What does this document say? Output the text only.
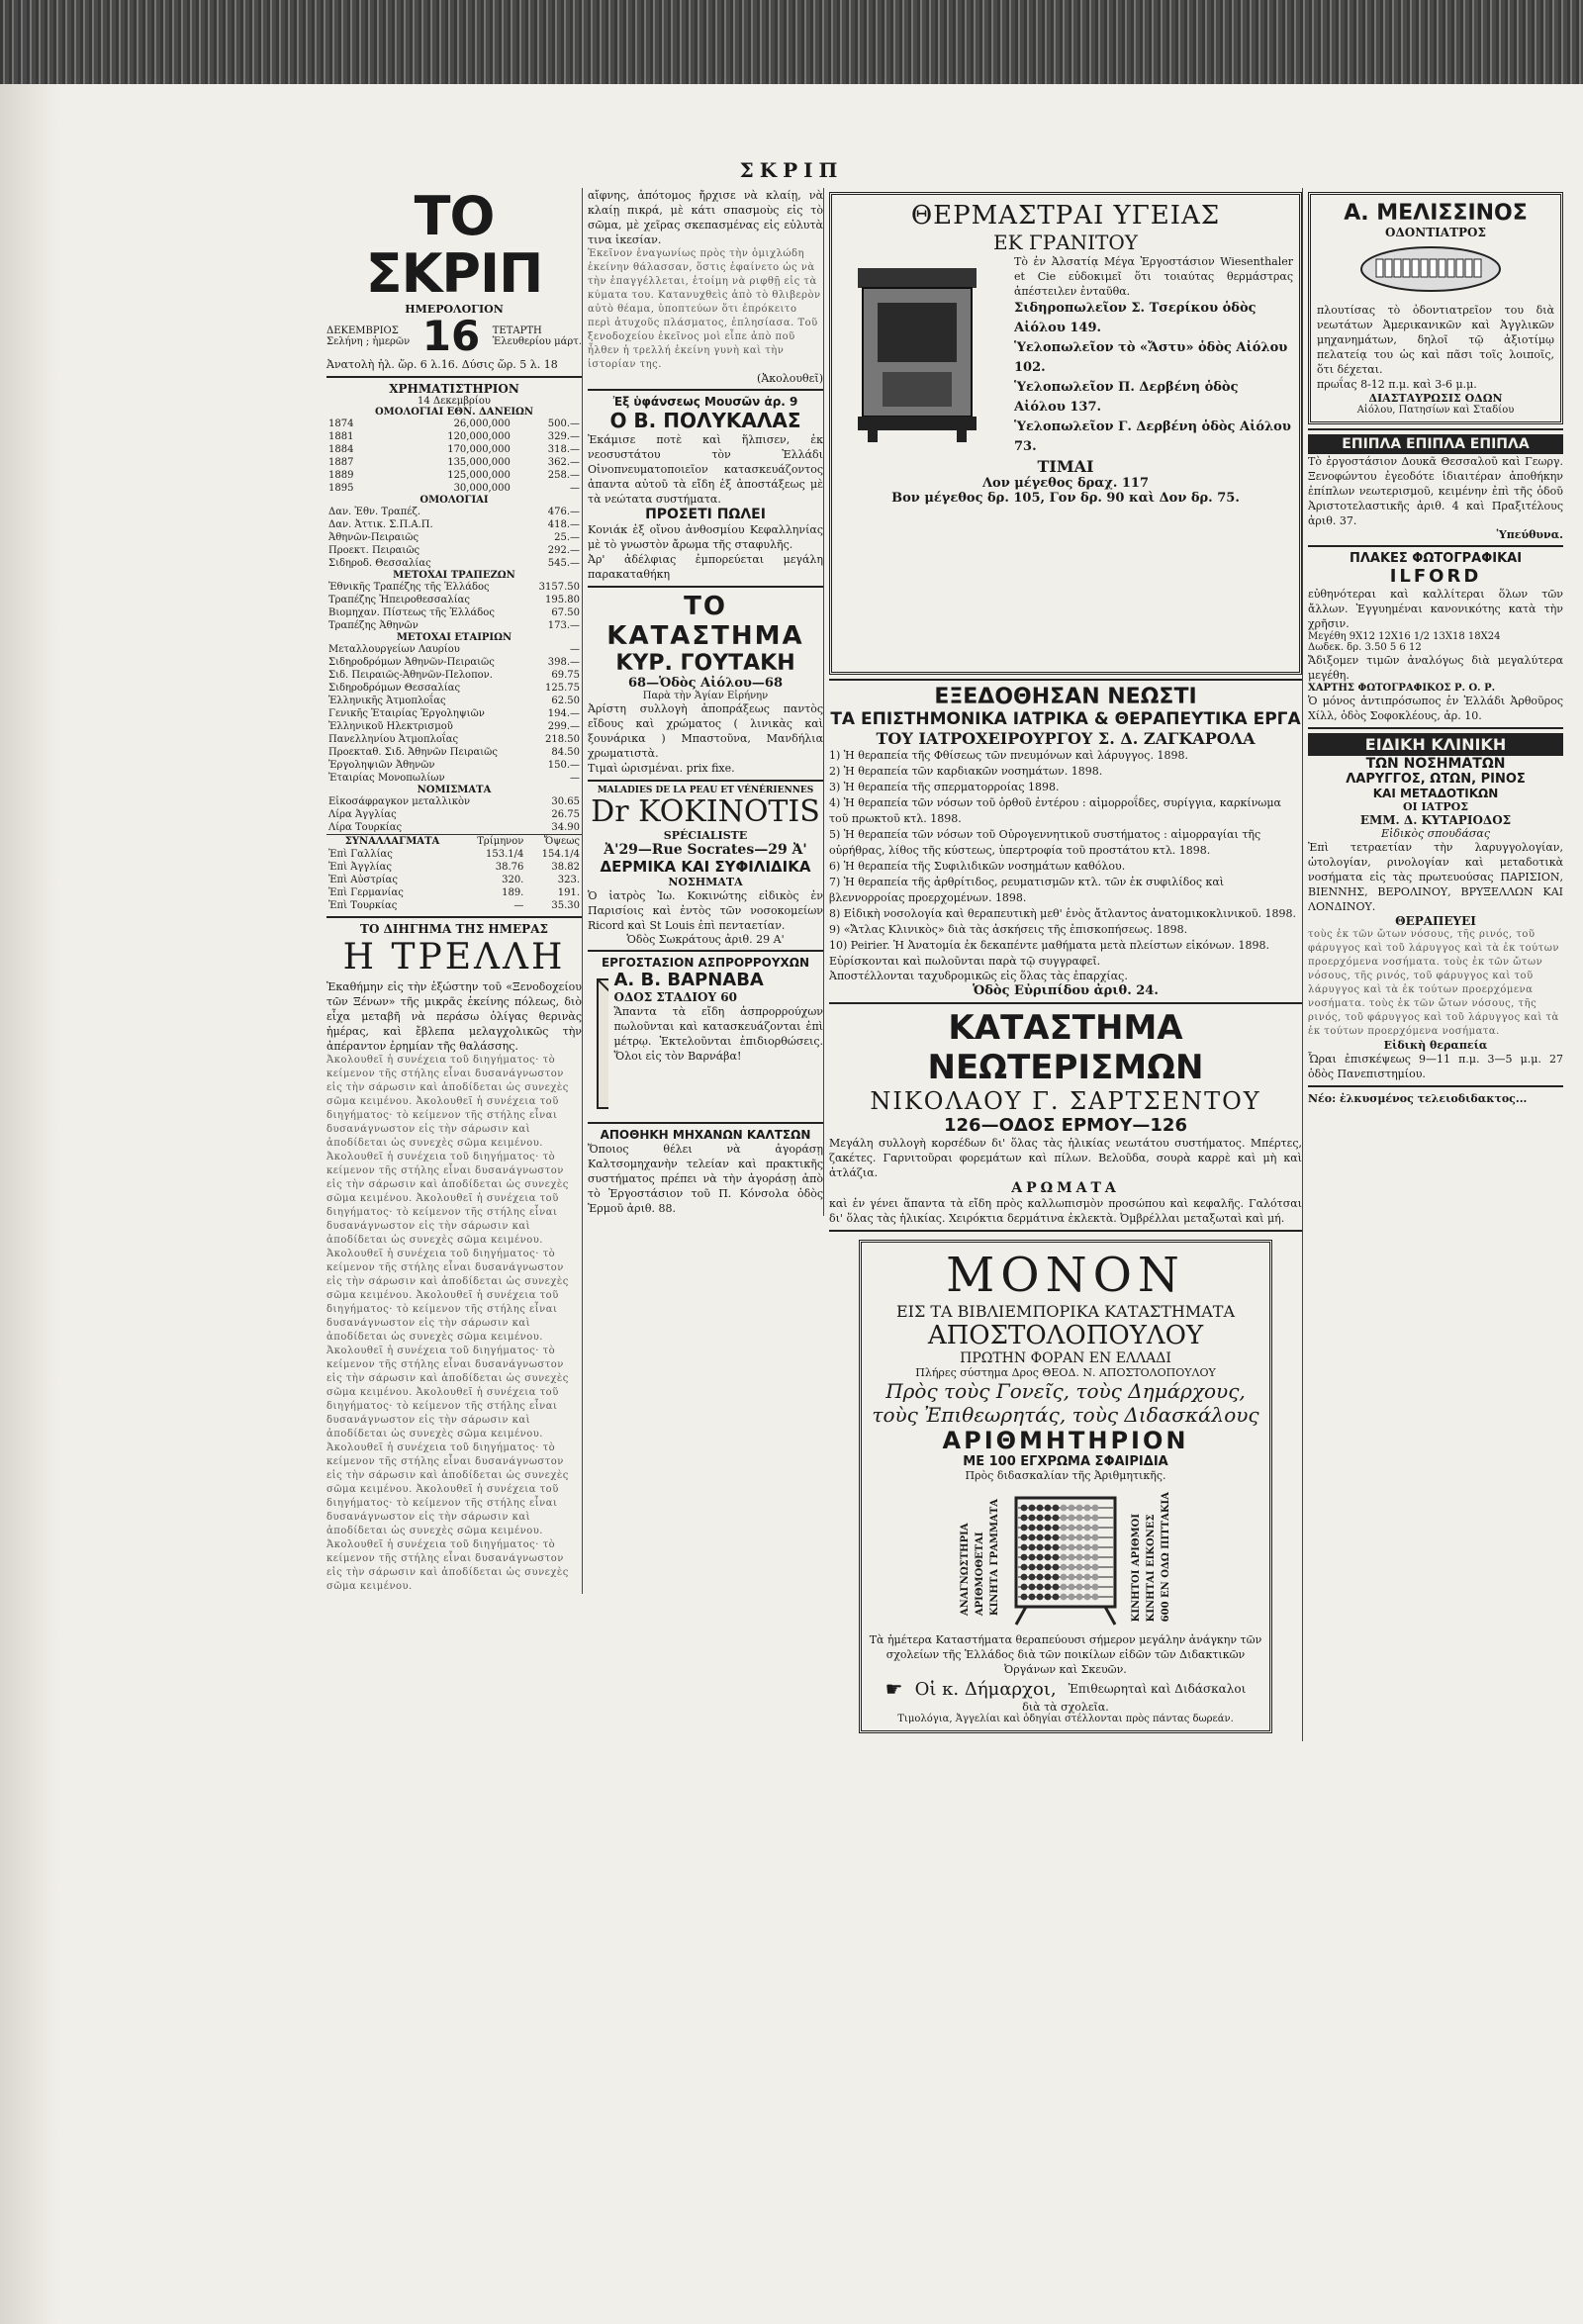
ΣΚΡΙΠ
ΤΟ ΣΚΡΙΠ
ΗΜΕΡΟΛΟΓΙΟΝ
ΔΕΚΕΜΒΡΙΟΣ
Σελήνη ; ἡμερῶν 16 ΤΕΤΑΡΤΗ
Ἐλευθερίου μάρτ.
Ἀνατολὴ ἡλ. ὥρ. 6 λ.16. Δύσις ὥρ. 5 λ. 18
ΧΡΗΜΑΤΙΣΤΗΡΙΟΝ
14 Δεκεμβρίου
ΟΜΟΛΟΓΙΑΙ ΕΘΝ. ΔΑΝΕΙΩΝ
1874	26,000,000	500.—
1881	120,000,000	329.—
1884	170,000,000	318.—
1887	135,000,000	362.—
1889	125,000,000	258.—
1895	30,000,000	—
ΟΜΟΛΟΓΙΑΙ
Δαν. Ἐθν. Τραπέζ.	476.—
Δαν. Ἀττικ. Σ.Π.Α.Π.	418.—
Ἀθηνῶν-Πειραιῶς	25.—
Προεκτ. Πειραιῶς	292.—
Σιδηροδ. Θεσσαλίας	545.—
ΜΕΤΟΧΑΙ ΤΡΑΠΕΖΩΝ
Ἐθνικῆς Τραπέζης τῆς Ἑλλάδος	3157.50
Τραπέζης Ἠπειροθεσσαλίας	195.80
Βιομηχαν. Πίστεως τῆς Ἑλλάδος	67.50
Τραπέζης Ἀθηνῶν	173.—
ΜΕΤΟΧΑΙ ΕΤΑΙΡΙΩΝ
Μεταλλουργείων Λαυρίου	—
Σιδηροδρόμων Ἀθηνῶν-Πειραιῶς	398.—
Σιδ. Πειραιῶς-Ἀθηνῶν-Πελοπον.	69.75
Σιδηροδρόμων Θεσσαλίας	125.75
Ἑλληνικῆς Ἀτμοπλοΐας	62.50
Γενικῆς Ἑταιρίας Ἐργοληψιῶν	194.—
Ἑλληνικοῦ Ηλεκτρισμοῦ	299.—
Πανελληνίου Ἀτμοπλοΐας	218.50
Προεκταθ. Σιδ. Ἀθηνῶν Πειραιῶς	84.50
Ἐργοληψιῶν Ἀθηνῶν	150.—
Ἑταιρίας Μονοπωλίων	—
ΝΟΜΙΣΜΑΤΑ
Εἰκοσάφραγκον μεταλλικὸν	30.65
Λίρα Ἀγγλίας	26.75
Λίρα Τουρκίας	34.90
ΣΥΝΑΛΛΑΓΜΑΤΑ	Τρίμηνον	Ὄψεως
Ἐπὶ Γαλλίας	153.1/4	154.1/4
Ἐπὶ Ἀγγλίας	38.76	38.82
Ἐπὶ Αὐστρίας	320.	323.
Ἐπὶ Γερμανίας	189.	191.
Ἐπὶ Τουρκίας	—	35.30
ΤΟ ΔΙΗΓΗΜΑ ΤΗΣ ΗΜΕΡΑΣ
Η ΤΡΕΛΛΗ
Ἐκαθήμην εἰς τὴν ἐξώστην τοῦ «Ξενοδοχείου τῶν Ξένων» τῆς μικρᾶς ἐκείνης πόλεως, διὸ εἶχα μεταβῆ νὰ περάσω ὀλίγας θερινὰς ἡμέρας, καὶ ἔβλεπα μελαγχολικῶς τὴν ἀπέραντον ἐρημίαν τῆς θαλάσσης.
Ἀκολουθεῖ ἡ συνέχεια τοῦ διηγήματος· τὸ κείμενον τῆς στήλης εἶναι δυσανάγνωστον εἰς τὴν σάρωσιν καὶ ἀποδίδεται ὡς συνεχὲς σῶμα κειμένου. Ἀκολουθεῖ ἡ συνέχεια τοῦ διηγήματος· τὸ κείμενον τῆς στήλης εἶναι δυσανάγνωστον εἰς τὴν σάρωσιν καὶ ἀποδίδεται ὡς συνεχὲς σῶμα κειμένου. Ἀκολουθεῖ ἡ συνέχεια τοῦ διηγήματος· τὸ κείμενον τῆς στήλης εἶναι δυσανάγνωστον εἰς τὴν σάρωσιν καὶ ἀποδίδεται ὡς συνεχὲς σῶμα κειμένου. Ἀκολουθεῖ ἡ συνέχεια τοῦ διηγήματος· τὸ κείμενον τῆς στήλης εἶναι δυσανάγνωστον εἰς τὴν σάρωσιν καὶ ἀποδίδεται ὡς συνεχὲς σῶμα κειμένου. Ἀκολουθεῖ ἡ συνέχεια τοῦ διηγήματος· τὸ κείμενον τῆς στήλης εἶναι δυσανάγνωστον εἰς τὴν σάρωσιν καὶ ἀποδίδεται ὡς συνεχὲς σῶμα κειμένου. Ἀκολουθεῖ ἡ συνέχεια τοῦ διηγήματος· τὸ κείμενον τῆς στήλης εἶναι δυσανάγνωστον εἰς τὴν σάρωσιν καὶ ἀποδίδεται ὡς συνεχὲς σῶμα κειμένου. Ἀκολουθεῖ ἡ συνέχεια τοῦ διηγήματος· τὸ κείμενον τῆς στήλης εἶναι δυσανάγνωστον εἰς τὴν σάρωσιν καὶ ἀποδίδεται ὡς συνεχὲς σῶμα κειμένου. Ἀκολουθεῖ ἡ συνέχεια τοῦ διηγήματος· τὸ κείμενον τῆς στήλης εἶναι δυσανάγνωστον εἰς τὴν σάρωσιν καὶ ἀποδίδεται ὡς συνεχὲς σῶμα κειμένου. Ἀκολουθεῖ ἡ συνέχεια τοῦ διηγήματος· τὸ κείμενον τῆς στήλης εἶναι δυσανάγνωστον εἰς τὴν σάρωσιν καὶ ἀποδίδεται ὡς συνεχὲς σῶμα κειμένου. Ἀκολουθεῖ ἡ συνέχεια τοῦ διηγήματος· τὸ κείμενον τῆς στήλης εἶναι δυσανάγνωστον εἰς τὴν σάρωσιν καὶ ἀποδίδεται ὡς συνεχὲς σῶμα κειμένου. Ἀκολουθεῖ ἡ συνέχεια τοῦ διηγήματος· τὸ κείμενον τῆς στήλης εἶναι δυσανάγνωστον εἰς τὴν σάρωσιν καὶ ἀποδίδεται ὡς συνεχὲς σῶμα κειμένου.
αἴφνης, ἀπότομος ἤρχισε νὰ κλαίῃ, νὰ κλαίῃ πικρά, μὲ κάτι σπασμοὺς εἰς τὸ σῶμα, μὲ χεῖρας σκεπασμένας εἰς εὐλυτὰ τινα ἱκεσίαν.
Ἐκεῖνον ἐναγωνίως πρὸς τὴν ὁμιχλώδη ἐκείνην θάλασσαν, ὅστις ἐφαίνετο ὡς νὰ τὴν ἐπαγγέλλεται, ἑτοίμη νὰ ριφθῇ εἰς τὰ κύματα του. Κατανυχθεὶς ἀπὸ τὸ θλιβερὸν αὐτὸ θέαμα, ὑποπτεύων ὅτι ἐπρόκειτο περὶ ἀτυχοῦς πλάσματος, ἐπλησίασα. Τοῦ ξενοδοχείου ἐκεῖνος μοὶ εἶπε ἀπὸ ποῦ ἦλθεν ἡ τρελλή ἐκείνη γυνὴ καὶ τὴν ἱστορίαν της.
(Ἀκολουθεῖ)
Ἐξ ὑφάνσεως Μουσῶν ἀρ. 9
Ο Β. ΠΟΛΥΚΑΛΑΣ
Ἐκάμισε ποτὲ καὶ ἥλπισεν, ἐκ νεοσυστάτου τὸν Ἑλλάδι Οἰνοπνευματοποιεῖον κατασκευάζοντος ἀπαντα αὐτοῦ τὰ εἴδη ἐξ ἀποστάξεως μὲ τὰ νεώτατα συστήματα.
ΠΡΟΣΕΤΙ ΠΩΛΕΙ
Κονιάκ ἐξ οἴνου ἀνθοσμίου Κεφαλληνίας μὲ τὸ γνωστὸν ἄρωμα τῆς σταφυλῆς.
Ἀρ' ἀδέλφιας ἐμπορεύεται μεγάλη παρακαταθήκη
ΤΟ ΚΑΤΑΣΤΗΜΑ
ΚΥΡ. ΓΟΥΤΑΚΗ
68—Ὁδὸς Αἰόλου—68
Παρὰ τὴν Ἁγίαν Εἰρήνην
Ἀρίστη συλλογὴ ἀποπράξεως παντὸς εἴδους καὶ χρώματος ( λινικὰς καὶ ξουνάρικα ) Μπαστοῦνα, Μανδήλια χρωματιστὰ.
Τιμαὶ ὡρισμέναι. prix fixe.
MALADIES DE LA PEAU ET VÉNÉRIENNES
Dr KOKINOTIS
SPÉCIALISTE
Ἀ'29—Rue Socrates—29 Ἀ'
ΔΕΡΜΙΚΑ ΚΑΙ ΣΥΦΙΛΙΔΙΚΑ
ΝΟΣΗΜΑΤΑ
Ὁ ἰατρὸς Ἰω. Κοκινώτης εἰδικὸς ἐν Παρισίοις καὶ ἐντὸς τῶν νοσοκομείων Ricord καὶ St Louis ἐπὶ πενταετίαν.
Ὁδὸς Σωκράτους ἀριθ. 29 Α'
ΕΡΓΟΣΤΑΣΙΟΝ ΑΣΠΡΟΡΡΟΥΧΩΝ
Α. Β. ΒΑΡΝΑΒΑ
ΟΔΟΣ ΣΤΑΔΙΟΥ 60
Ἅπαντα τὰ εἴδη ἀσπρορρούχων πωλοῦνται καὶ κατασκευάζονται ἐπὶ μέτρῳ. Ἐκτελοῦνται ἐπιδιορθώσεις. Ὅλοι εἰς τὸν Βαρνάβα!
ΑΠΟΘΗΚΗ ΜΗΧΑΝΩΝ ΚΑΛΤΣΩΝ
Ὅποιος θέλει νὰ ἀγοράσῃ Καλτσομηχανὴν τελείαν καὶ πρακτικῆς συστήματος πρέπει νὰ τὴν ἀγοράσῃ ἀπὸ τὸ Ἐργοστάσιον τοῦ Π. Κόνσολα ὁδὸς Ἑρμοῦ ἀριθ. 88.
ΘΕΡΜΑΣΤΡΑΙ ΥΓΕΙΑΣ
ΕΚ ΓΡΑΝΙΤΟΥ
Τὸ ἐν Ἀλσατίᾳ Μέγα Ἐργοστάσιον Wiesenthaler et Cie εὐδοκιμεῖ ὅτι τοιαύτας θερμάστρας ἀπέστειλεν ἐνταῦθα.
Σιδηροπωλεῖον Σ. Τσερίκου ὁδὸς Αἰόλου 149.
Ὑελοπωλεῖον τὸ «Ἄστυ» ὁδὸς Αἰόλου 102.
Ὑελοπωλεῖον Π. Δερβένη ὁδὸς Αἰόλου 137.
Ὑελοπωλεῖον Γ. Δερβένη ὁδὸς Αἰόλου 73.
ΤΙΜΑΙ
Λον μέγεθος δραχ. 117
Βον μέγεθος δρ. 105, Γον δρ. 90 καὶ Δον δρ. 75.
ΕΞΕΔΟΘΗΣΑΝ ΝΕΩΣΤΙ
ΤΑ ΕΠΙΣΤΗΜΟΝΙΚΑ ΙΑΤΡΙΚΑ & ΘΕΡΑΠΕΥΤΙΚΑ ΕΡΓΑ
ΤΟΥ ΙΑΤΡΟΧΕΙΡΟΥΡΓΟΥ Σ. Δ. ΖΑΓΚΑΡΟΛΑ
1) Ἡ θεραπεία τῆς Φθίσεως τῶν πνευμόνων καὶ λάρυγγος. 1898.
2) Ἡ θεραπεία τῶν καρδιακῶν νοσημάτων. 1898.
3) Ἡ θεραπεία τῆς σπερματορροίας 1898.
4) Ἡ θεραπεία τῶν νόσων τοῦ ὀρθοῦ ἐντέρου : αἱμορροΐδες, συρίγγια, καρκίνωμα τοῦ πρωκτοῦ κτλ. 1898.
5) Ἡ θεραπεία τῶν νόσων τοῦ Οὐρογεννητικοῦ συστήματος : αἱμορραγίαι τῆς οὐρήθρας, λίθος τῆς κύστεως, ὑπερτροφία τοῦ προστάτου κτλ. 1898.
6) Ἡ θεραπεία τῆς Συφιλιδικῶν νοσημάτων καθόλου.
7) Ἡ θεραπεία τῆς ἀρθρίτιδος, ρευματισμῶν κτλ. τῶν ἐκ συφιλίδος καὶ βλεννορροίας προερχομένων. 1898.
8) Εἰδικὴ νοσολογία καὶ θεραπευτικὴ μεθ' ἑνὸς ἄτλαντος ἀνατομικοκλινικοῦ. 1898.
9) «Ἄτλας Κλινικὸς» διὰ τὰς ἀσκήσεις τῆς ἐπισκοπήσεως. 1898.
10) Peirier. Ἡ Ἀνατομία ἐκ δεκαπέντε μαθήματα μετὰ πλείστων εἰκόνων. 1898.
Εὑρίσκονται καὶ πωλοῦνται παρὰ τῷ συγγραφεῖ.
Ἀποστέλλονται ταχυδρομικῶς εἰς ὅλας τὰς ἐπαρχίας.
Ὁδὸς Εὐριπίδου ἀριθ. 24.
ΚΑΤΑΣΤΗΜΑ ΝΕΩΤΕΡΙΣΜΩΝ
ΝΙΚΟΛΑΟΥ Γ. ΣΑΡΤΣΕΝΤΟΥ
126—ΟΔΟΣ ΕΡΜΟΥ—126
Μεγάλη συλλογὴ κορσέδων δι' ὅλας τὰς ἡλικίας νεωτάτου συστήματος. Μπέρτες, ζακέτες. Γαρνιτοῦραι φορεμάτων καὶ πίλων. Βελοῦδα, σουρὰ καρρὲ καὶ μὴ καὶ ἀτλάζια.
ΑΡΩΜΑΤΑ
καὶ ἐν γένει ἅπαντα τὰ εἴδη πρὸς καλλωπισμὸν προσώπου καὶ κεφαλῆς. Γαλότσαι δι' ὅλας τὰς ἡλικίας. Χειρόκτια δερμάτινα ἐκλεκτὰ. Ὀμβρέλλαι μεταξωταὶ καὶ μή.
ΜΟΝΟΝ
ΕΙΣ ΤΑ ΒΙΒΛΙΕΜΠΟΡΙΚΑ ΚΑΤΑΣΤΗΜΑΤΑ
ΑΠΟΣΤΟΛΟΠΟΥΛΟΥ
ΠΡΩΤΗΝ ΦΟΡΑΝ ΕΝ ΕΛΛΑΔΙ
Πλήρες σύστημα Δρος ΘΕΟΔ. Ν. ΑΠΟΣΤΟΛΟΠΟΥΛΟΥ
Πρὸς τοὺς Γονεῖς, τοὺς Δημάρχους,
τοὺς Ἐπιθεωρητάς, τοὺς Διδασκάλους
ΑΡΙΘΜΗΤΗΡΙΟΝ
ΜΕ 100 ΕΓΧΡΩΜΑ ΣΦΑΙΡΙΔΙΑ
Πρὸς διδασκαλίαν τῆς Ἀριθμητικῆς.
ΑΝΑΓΝΩΣΤΗΡΙΑ ΑΡΙΘΜΟΘΕΤΑΙ ΚΙΝΗΤΑ ΓΡΑΜΜΑΤΑ	ΚΙΝΗΤΟΙ ΑΡΙΘΜΟΙ ΚΙΝΗΤΑΙ ΕΙΚΟΝΕΣ 600 ΕΝ ΟΔΩ ΠΙΤΤΑΚΙΑ
Τὰ ἡμέτερα Καταστήματα θεραπεύουσι σήμερον μεγάλην ἀνάγκην τῶν σχολείων τῆς Ἑλλάδος διὰ τῶν ποικίλων εἰδῶν τῶν Διδακτικῶν Ὀργάνων καὶ Σκευῶν.
☛ Οἱ κ. Δήμαρχοι, Ἐπιθεωρηταὶ καὶ Διδάσκαλοι
διὰ τὰ σχολεῖα.
Τιμολόγια, Ἀγγελίαι καὶ ὁδηγίαι στέλλονται πρὸς πάντας δωρεάν.
Α. ΜΕΛΙΣΣΙΝΟΣ
ΟΔΟΝΤΙΑΤΡΟΣ
πλουτίσας τὸ ὀδοντιατρεῖον του διὰ νεωτάτων Ἀμερικανικῶν καὶ Ἀγγλικῶν μηχανημάτων, δηλοῖ τῷ ἀξιοτίμῳ πελατείᾳ του ὡς καὶ πᾶσι τοῖς λοιποῖς, ὅτι δέχεται.
πρωΐας 8-12 π.μ. καὶ 3-6 μ.μ.
ΔΙΑΣΤΑΥΡΩΣΙΣ ΟΔΩΝ
Αἰόλου, Πατησίων καὶ Σταδίου
ΕΠΙΠΛΑ ΕΠΙΠΛΑ ΕΠΙΠΛΑ
Τὸ ἐργοστάσιον Δουκᾶ Θεσσαλοῦ καὶ Γεωργ. Ξενοφώντου ἐγεοδότε ἰδιαιτέραν ἀποθήκην ἐπίπλων νεωτερισμοῦ, κειμένην ἐπὶ τῆς ὁδοῦ Ἀριστοτελαστικῆς ἀριθ. 4 καὶ Πραξιτέλους ἀριθ. 37.
Ὑπεύθυνα.
ΠΛΑΚΕΣ ΦΩΤΟΓΡΑΦΙΚΑΙ
ILFORD
εὐθηνότεραι καὶ καλλίτεραι ὅλων τῶν ἄλλων. Ἐγγυημέναι κανονικότης κατὰ τὴν χρῆσιν.
Μεγέθη 9Χ12 12Χ16 1/2 13Χ18 18Χ24
Δωδεκ. δρ. 3.50 5 6 12
Ἄδιξομεν τιμῶν ἀναλόγως διὰ μεγαλύτερα μεγέθη.
ΧΑΡΤΗΣ ΦΩΤΟΓΡΑΦΙΚΟΣ Ρ. Ο. Ρ.
Ὁ μόνος ἀντιπρόσωπος ἐν Ἑλλάδι Ἀρθοῦρος Χίλλ, ὁδὸς Σοφοκλέους, ἀρ. 10.
ΕΙΔΙΚΗ ΚΛΙΝΙΚΗ
ΤΩΝ ΝΟΣΗΜΑΤΩΝ
ΛΑΡΥΓΓΟΣ, ΩΤΩΝ, ΡΙΝΟΣ
ΚΑΙ ΜΕΤΑΔΟΤΙΚΩΝ
ΟΙ ΙΑΤΡΟΣ
ΕΜΜ. Δ. ΚΥΤΑΡΙΟΔΟΣ
Εἰδικὸς σπουδάσας
Ἐπὶ τετραετίαν τὴν λαρυγγολογίαν, ὠτολογίαν, ρινολογίαν καὶ μεταδοτικὰ νοσήματα εἰς τὰς πρωτευούσας ΠΑΡΙΣΙΟΝ, ΒΙΕΝΝΗΣ, ΒΕΡΟΛΙΝΟΥ, ΒΡΥΞΕΛΛΩΝ ΚΑΙ ΛΟΝΔΙΝΟΥ.
ΘΕΡΑΠΕΥΕΙ
τοὺς ἐκ τῶν ὤτων νόσους, τῆς ρινός, τοῦ φάρυγγος καὶ τοῦ λάρυγγος καὶ τὰ ἐκ τούτων προερχόμενα νοσήματα. τοὺς ἐκ τῶν ὤτων νόσους, τῆς ρινός, τοῦ φάρυγγος καὶ τοῦ λάρυγγος καὶ τὰ ἐκ τούτων προερχόμενα νοσήματα. τοὺς ἐκ τῶν ὤτων νόσους, τῆς ρινός, τοῦ φάρυγγος καὶ τοῦ λάρυγγος καὶ τὰ ἐκ τούτων προερχόμενα νοσήματα.
Εἰδικὴ θεραπεία
Ὧραι ἐπισκέψεως 9—11 π.μ. 3—5 μ.μ. 27 ὁδὸς Πανεπιστημίου.
Νέο: ἐλκυσμένος τελειοδιδακτος...
